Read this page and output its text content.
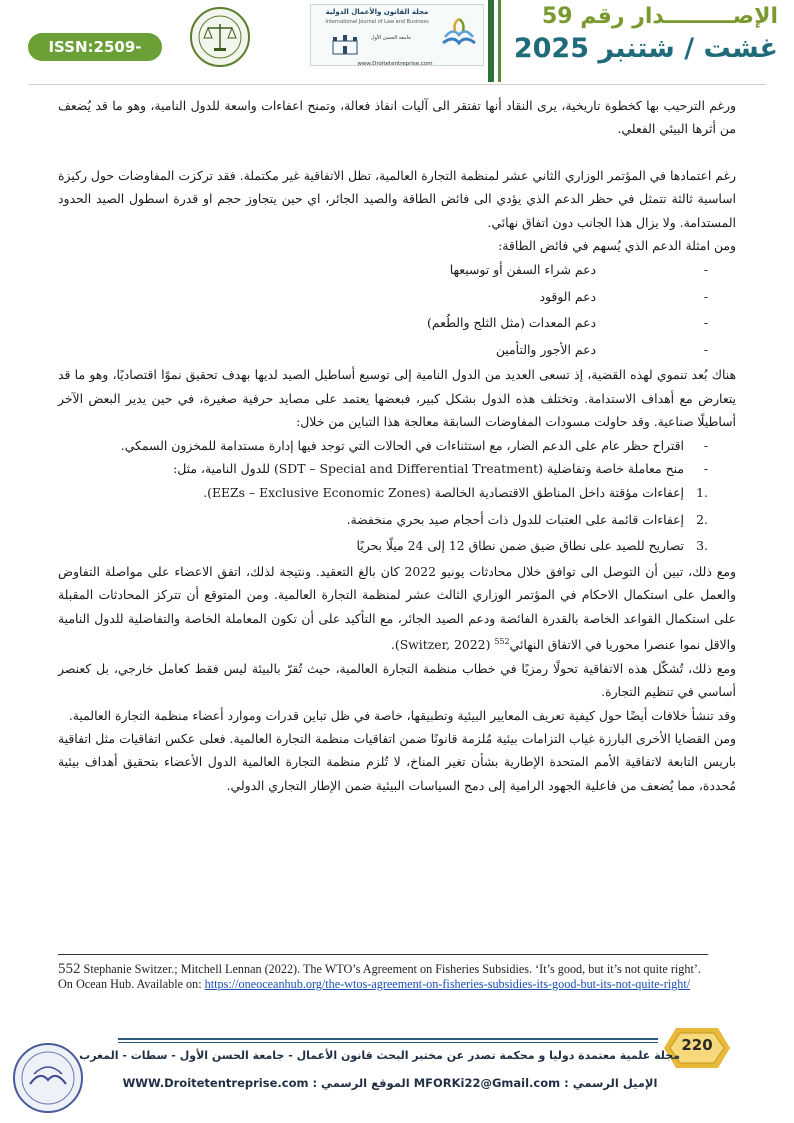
الإصـــــــــدار رقم 59
غشت / شتنبر 2025
مجلة القانون والأعمال الدولية
International Journal of Law and Business
جامعة الحسن الأول
www.Droitetentreprise.com
ISSN:2509-0291

ورغم الترحيب بها كخطوة تاريخية، يرى النقاد أنها تفتقر الى آليات انفاذ فعالة، وتمنح اعفاءات واسعة للدول النامية، وهو ما قد يُضعف من أثرها البيئي الفعلي.

رغم اعتمادها في المؤتمر الوزاري الثاني عشر لمنظمة التجارة العالمية، تظل الاتفاقية غير مكتملة. فقد تركزت المفاوضات حول ركيزة اساسية ثالثة تتمثل في حظر الدعم الذي يؤدي الى فائض الطاقة والصيد الجائر، اي حين يتجاوز حجم او قدرة اسطول الصيد الحدود المستدامة. ولا يزال هذا الجانب دون اتفاق نهائي.

ومن امثلة الدعم الذي يُسهم في فائض الطاقة:

-
دعم شراء السفن أو توسيعها
-
دعم الوقود
-
دعم المعدات (مثل الثلج والطُعم)
-
دعم الأجور والتأمين

هناك بُعد تنموي لهذه القضية، إذ تسعى العديد من الدول النامية إلى توسيع أساطيل الصيد لديها بهدف تحقيق نموًا اقتصاديًا، وهو ما قد يتعارض مع أهداف الاستدامة. وتختلف هذه الدول بشكل كبير، فبعضها يعتمد على مصايد حرفية صغيرة، في حين يدير البعض الآخر أساطيلًا صناعية. وقد حاولت مسودات المفاوضات السابقة معالجة هذا التباين من خلال:

-
اقتراح حظر عام على الدعم الضار، مع استثناءات في الحالات التي توجد فيها إدارة مستدامة للمخزون السمكي.
-
منح معاملة خاصة وتفاضلية (SDT – Special and Differential Treatment) للدول النامية، مثل:
1.
إعفاءات مؤقتة داخل المناطق الاقتصادية الخالصة (EEZs – Exclusive Economic Zones).
2.
إعفاءات قائمة على العتبات للدول ذات أحجام صيد بحري منخفضة.
3.
تصاريح للصيد على نطاق ضيق ضمن نطاق 12 إلى 24 ميلًا بحريًا

ومع ذلك، تبين أن التوصل الى توافق خلال محادثات يونيو 2022 كان بالغ التعقيد. ونتيجة لذلك، اتفق الاعضاء على مواصلة التفاوض والعمل على استكمال الاحكام في المؤتمر الوزاري الثالث عشر لمنظمة التجارة العالمية. ومن المتوقع أن تتركز المحادثات المقبلة على استكمال القواعد الخاصة بالقدرة الفائضة ودعم الصيد الجائر، مع التأكيد على أن تكون المعاملة الخاصة والتفاضلية للدول النامية والاقل نموا عنصرا محوريا في الاتفاق النهائي$^{552}$ (Switzer, 2022).

ومع ذلك، تُشكّل هذه الاتفاقية تحولًا رمزيًا في خطاب منظمة التجارة العالمية، حيث تُقرّ بالبيئة ليس فقط كعامل خارجي، بل كعنصر أساسي في تنظيم التجارة.

وقد تنشأ خلافات أيضًا حول كيفية تعريف المعايير البيئية وتطبيقها، خاصة في ظل تباين قدرات وموارد أعضاء منظمة التجارة العالمية.

ومن القضايا الأخرى البارزة غياب التزامات بيئية مُلزمة قانونًا ضمن اتفاقيات منظمة التجارة العالمية. فعلى عكس اتفاقيات مثل اتفاقية باريس التابعة لاتفاقية الأمم المتحدة الإطارية بشأن تغير المناخ، لا تُلزم منظمة التجارة العالمية الدول الأعضاء بتحقيق أهداف بيئية مُحددة، مما يُضعف من فاعلية الجهود الرامية إلى دمج السياسات البيئية ضمن الإطار التجاري الدولي.

552 Stephanie Switzer.; Mitchell Lennan (2022). The WTO’s Agreement on Fisheries Subsidies. ‘It’s good, but it’s not quite right’. On Ocean Hub. Available on: https://oneoceanhub.org/the-wtos-agreement-on-fisheries-subsidies-its-good-but-its-not-quite-right/
220
مجلة علمية معتمدة دوليا و محكمة تصدر عن مختبر البحث قانون الأعمال - جامعة الحسن الأول - سطات - المغرب
الإميل الرسمي : MFORKi22@Gmail.com الموقع الرسمي : WWW.Droitetentreprise.com
